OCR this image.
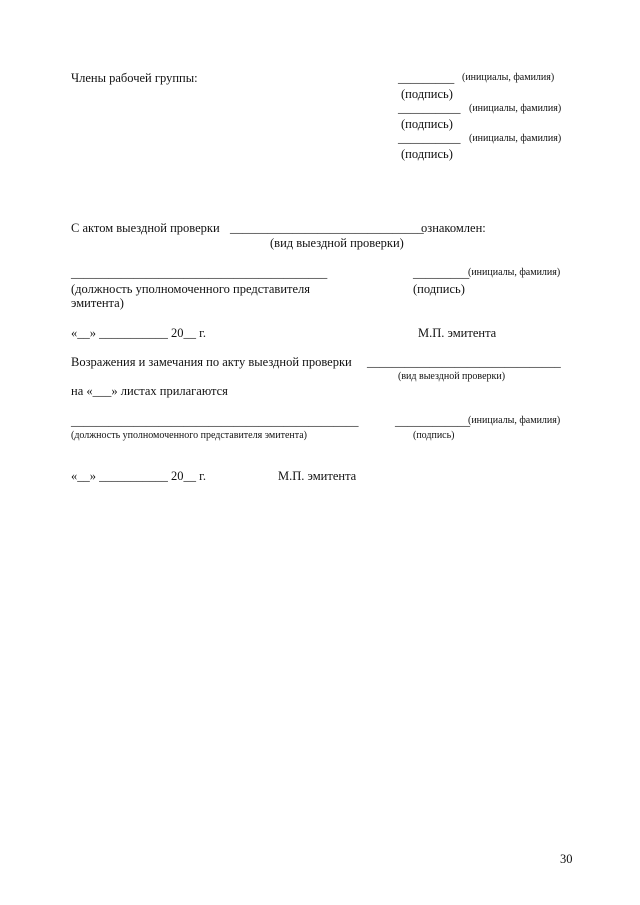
Члены рабочей группы:	_________ (инициалы, фамилия)
(подпись)
__________ (инициалы, фамилия)
(подпись)
__________ (инициалы, фамилия)
(подпись)
С актом выездной проверки _______________________________
ознакомлен:
(вид выездной проверки)
_________________________________________	(инициалы, фамилия)
_________
(должность уполномоченного представителя
эмитента)
(подпись)
«__» ___________ 20__ г.	М.П. эмитента
Возражения и замечания по акту выездной проверки _______________________________
(вид выездной проверки)
на «___» листах прилагаются
______________________________________________	____________
(инициалы, фамилия)
(должность уполномоченного представителя эмитента)	(подпись)
«__» ___________ 20__ г.	М.П. эмитента
30
